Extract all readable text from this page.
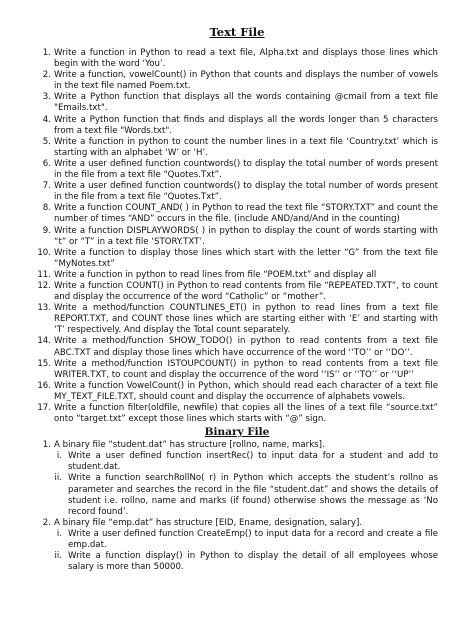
Text File
1. Write a function in Python to read a text file, Alpha.txt and displays those lines which begin with the word ‘You’.
2. Write a function, vowelCount() in Python that counts and displays the number of vowels in the text file named Poem.txt.
3. Write a Python function that displays all the words containing @cmail from a text file "Emails.txt".
4. Write a Python function that finds and displays all the words longer than 5 characters from a text file "Words.txt".
5. Write a function in python to count the number lines in a text file ‘Country.txt’ which is starting with an alphabet ‘W’ or ‘H’.
6. Write a user defined function countwords() to display the total number of words present in the file from a text file “Quotes.Txt”.
7. Write a user defined function countwords() to display the total number of words present in the file from a text file “Quotes.Txt”.
8. Write a function COUNT_AND( ) in Python to read the text file “STORY.TXT” and count the number of times “AND” occurs in the file. (include AND/and/And in the counting)
9. Write a function DISPLAYWORDS( ) in python to display the count of words starting with “t” or “T” in a text file ‘STORY.TXT’.
10. Write a function to display those lines which start with the letter “G” from the text file “MyNotes.txt”
11. Write a function in python to read lines from file “POEM.txt” and display all
12. Write a function COUNT() in Python to read contents from file “REPEATED.TXT”, to count and display the occurrence of the word “Catholic” or “mother”.
13. Write a method/function COUNTLINES_ET() in python to read lines from a text file REPORT.TXT, and COUNT those lines which are starting either with ‘E’ and starting with ‘T’ respectively. And display the Total count separately.
14. Write a method/function SHOW_TODO() in python to read contents from a text file ABC.TXT and display those lines which have occurrence of the word ‘‘TO’’ or ‘‘DO’’.
15. Write a method/function ISTOUPCOUNT() in python to read contents from a text file WRITER.TXT, to count and display the occurrence of the word ‘‘IS’’ or ‘‘TO’’ or ‘‘UP’’
16. Write a function VowelCount() in Python, which should read each character of a text file MY_TEXT_FILE.TXT, should count and display the occurrence of alphabets vowels.
17. Write a function filter(oldfile, newfile) that copies all the lines of a text file “source.txt” onto “target.txt” except those lines which starts with “@” sign.
Binary File
1. A binary file “student.dat” has structure [rollno, name, marks].
i. Write a user defined function insertRec() to input data for a student and add to student.dat.
ii. Write a function searchRollNo( r) in Python which accepts the student’s rollno as parameter and searches the record in the file “student.dat” and shows the details of student i.e. rollno, name and marks (if found) otherwise shows the message as ‘No record found’.
2. A binary file “emp.dat” has structure [EID, Ename, designation, salary].
i. Write a user defined function CreateEmp() to input data for a record and create a file emp.dat.
ii. Write a function display() in Python to display the detail of all employees whose salary is more than 50000.
